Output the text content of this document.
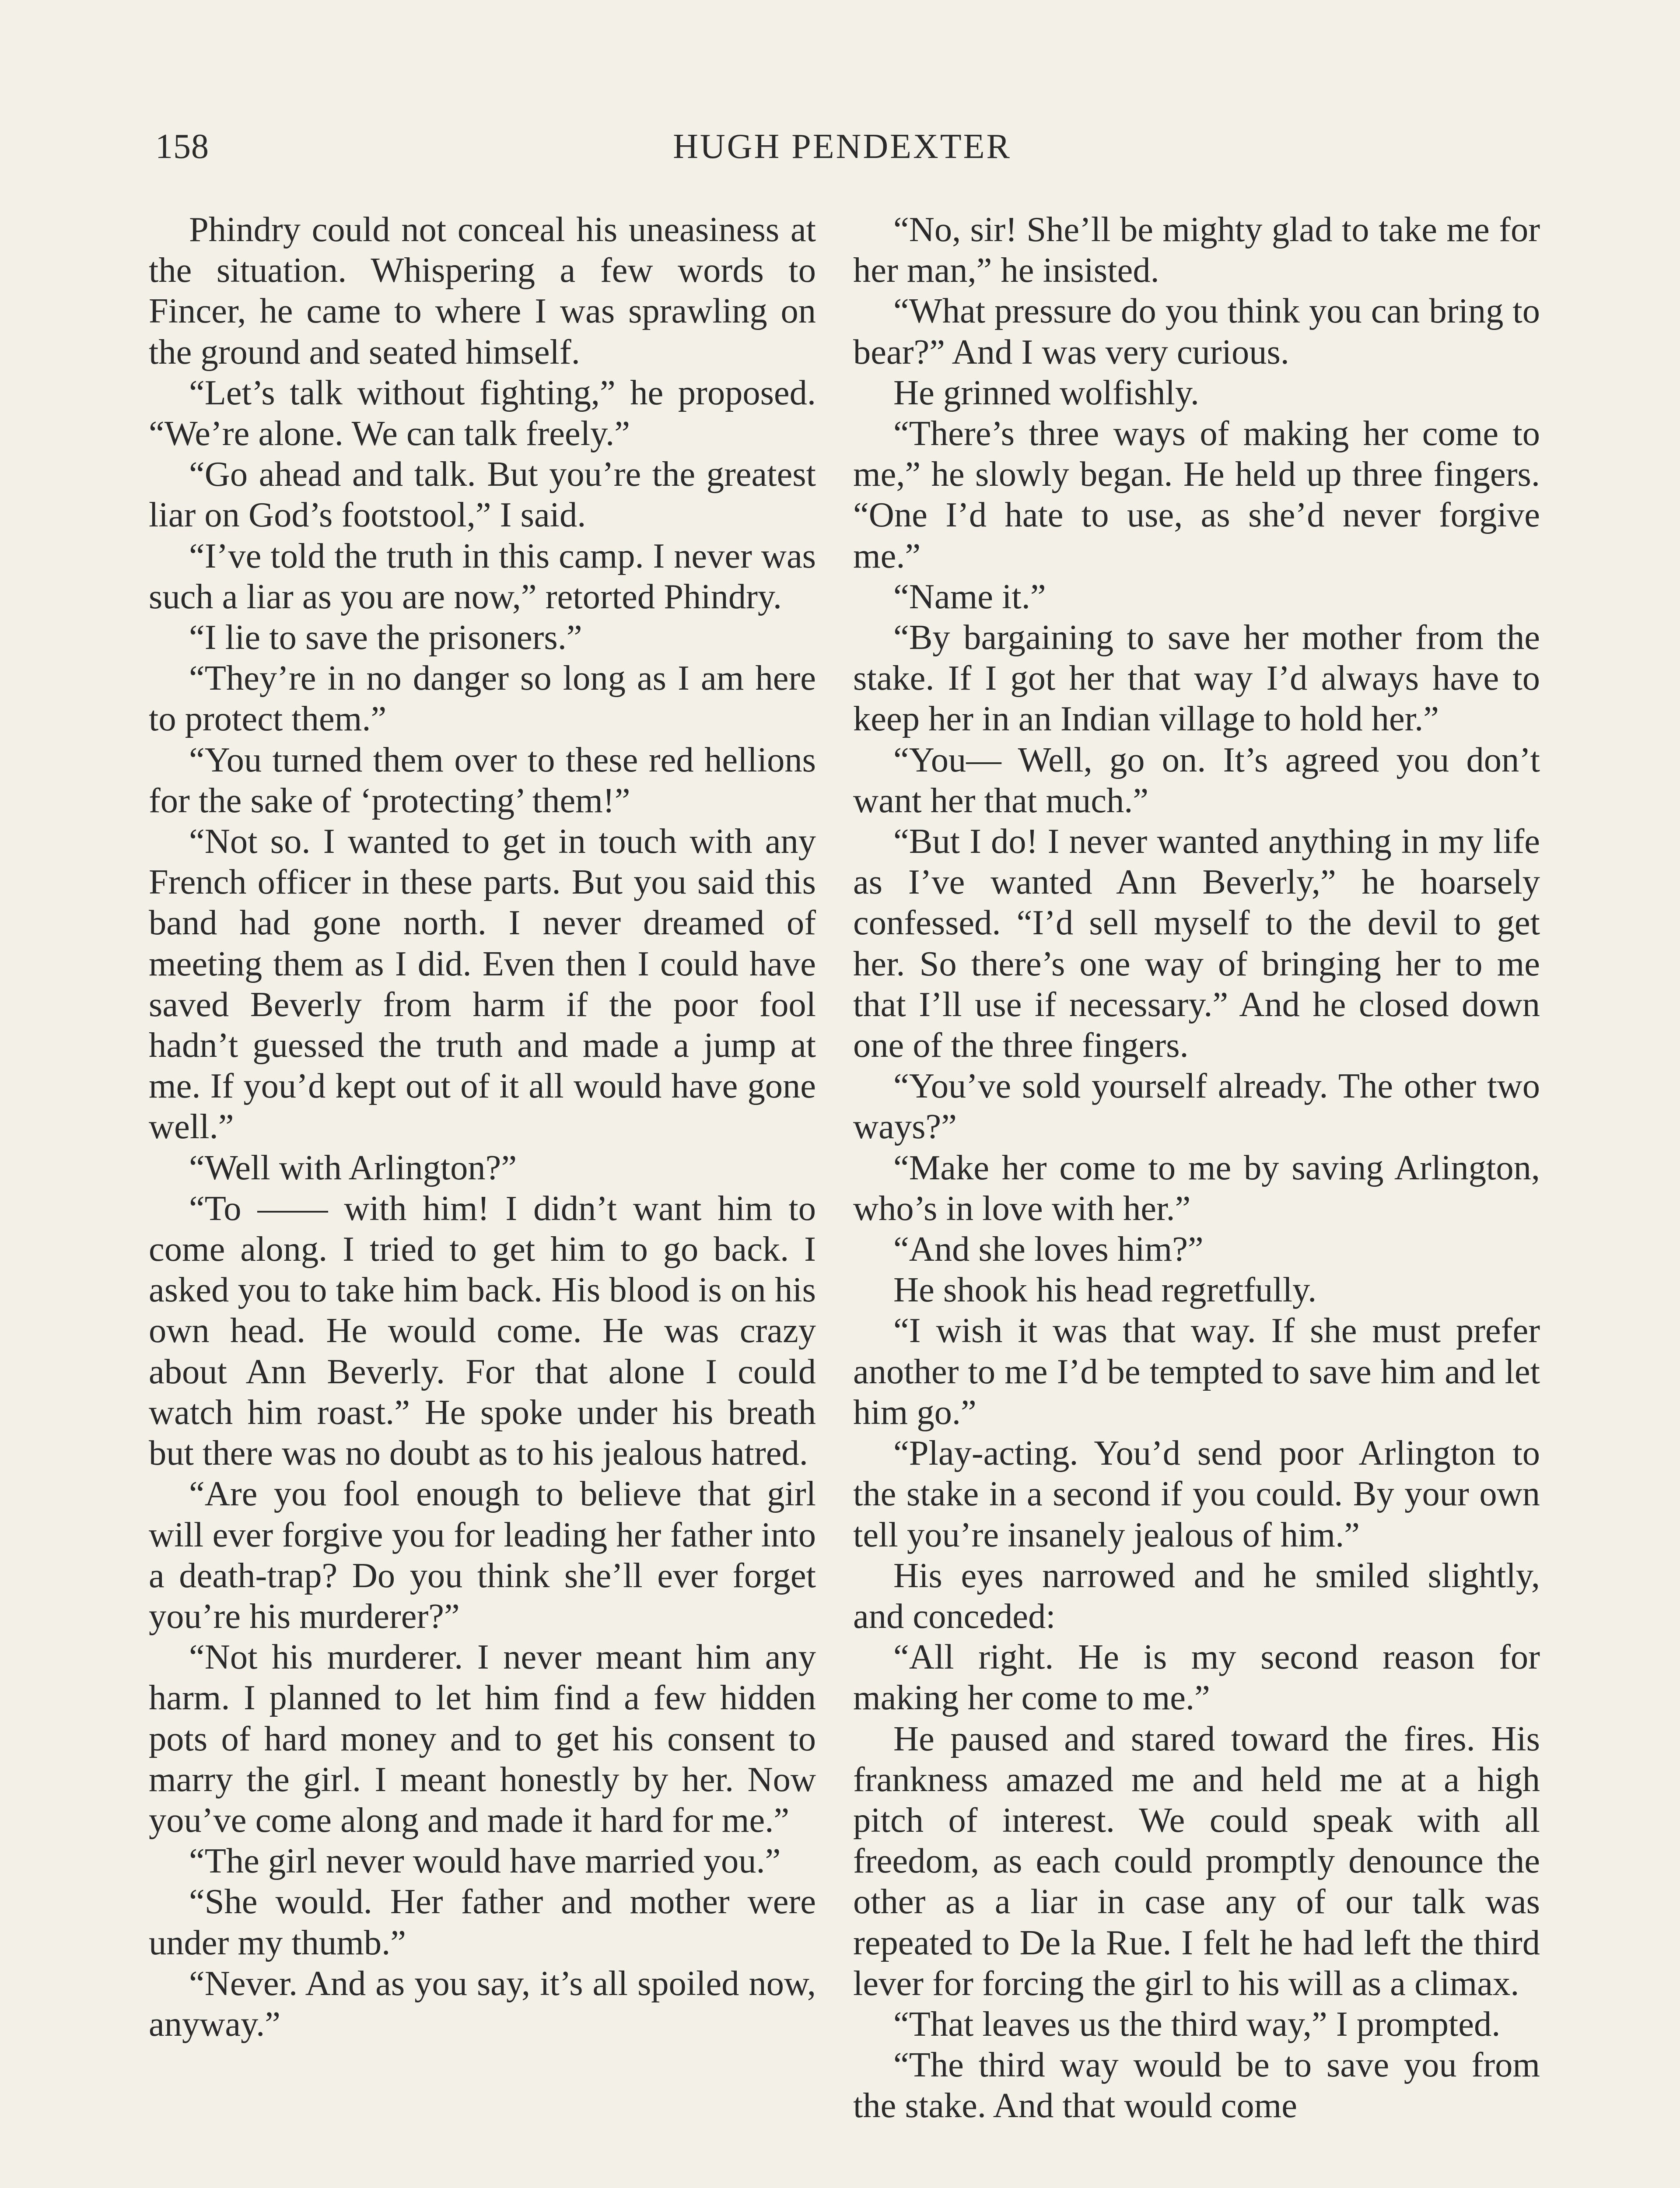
158	HUGH PENDEXTER

Phindry could not conceal his uneasiness at the situation. Whispering a few words to Fincer, he came to where I was sprawling on the ground and seated himself.

“Let’s talk without fighting,” he proposed. “We’re alone. We can talk freely.”

“Go ahead and talk. But you’re the greatest liar on God’s footstool,” I said.

“I’ve told the truth in this camp. I never was such a liar as you are now,” retorted Phindry.

“I lie to save the prisoners.”

“They’re in no danger so long as I am here to protect them.”

“You turned them over to these red hellions for the sake of ‘protecting’ them!”

“Not so. I wanted to get in touch with any French officer in these parts. But you said this band had gone north. I never dreamed of meeting them as I did. Even then I could have saved Beverly from harm if the poor fool hadn’t guessed the truth and made a jump at me. If you’d kept out of it all would have gone well.”

“Well with Arlington?”

“To —— with him! I didn’t want him to come along. I tried to get him to go back. I asked you to take him back. His blood is on his own head. He would come. He was crazy about Ann Beverly. For that alone I could watch him roast.” He spoke under his breath but there was no doubt as to his jealous hatred.

“Are you fool enough to believe that girl will ever forgive you for leading her father into a death-trap? Do you think she’ll ever forget you’re his murderer?”

“Not his murderer. I never meant him any harm. I planned to let him find a few hidden pots of hard money and to get his consent to marry the girl. I meant honestly by her. Now you’ve come along and made it hard for me.”

“The girl never would have married you.”

“She would. Her father and mother were under my thumb.”

“Never. And as you say, it’s all spoiled now, anyway.”

“No, sir! She’ll be mighty glad to take me for her man,” he insisted.

“What pressure do you think you can bring to bear?” And I was very curious.

He grinned wolfishly.

“There’s three ways of making her come to me,” he slowly began. He held up three fingers. “One I’d hate to use, as she’d never forgive me.”

“Name it.”

“By bargaining to save her mother from the stake. If I got her that way I’d always have to keep her in an Indian village to hold her.”

“You— Well, go on. It’s agreed you don’t want her that much.”

“But I do! I never wanted anything in my life as I’ve wanted Ann Beverly,” he hoarsely confessed. “I’d sell myself to the devil to get her. So there’s one way of bringing her to me that I’ll use if necessary.” And he closed down one of the three fingers.

“You’ve sold yourself already. The other two ways?”

“Make her come to me by saving Arlington, who’s in love with her.”

“And she loves him?”

He shook his head regretfully.

“I wish it was that way. If she must prefer another to me I’d be tempted to save him and let him go.”

“Play-acting. You’d send poor Arlington to the stake in a second if you could. By your own tell you’re insanely jealous of him.”

His eyes narrowed and he smiled slightly, and conceded:

“All right. He is my second reason for making her come to me.”

He paused and stared toward the fires. His frankness amazed me and held me at a high pitch of interest. We could speak with all freedom, as each could promptly denounce the other as a liar in case any of our talk was repeated to De la Rue. I felt he had left the third lever for forcing the girl to his will as a climax.

“That leaves us the third way,” I prompted.

“The third way would be to save you from the stake. And that would come
